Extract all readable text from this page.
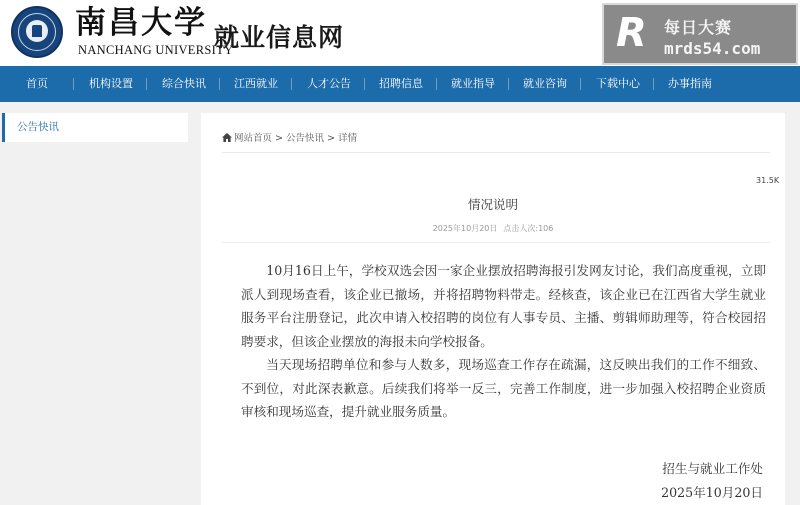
南昌大学
NANCHANG UNIVERSITY
就业信息网	R 每日大赛
mrds54.com
首页	机构设置	综合快讯	江西就业	人才公告	招聘信息	就业指导	就业咨询	下载中心	办事指南
公告快讯
网站首页 > 公告快讯 > 详情
31.5K
情况说明
2025年10月20日 点击人次:106

10月16日上午，学校双选会因一家企业摆放招聘海报引发网友讨论，我们高度重视，立即派人到现场查看，该企业已撤场，并将招聘物料带走。经核查，该企业已在江西省大学生就业服务平台注册登记，此次申请入校招聘的岗位有人事专员、主播、剪辑师助理等，符合校园招聘要求，但该企业摆放的海报未向学校报备。

当天现场招聘单位和参与人数多，现场巡查工作存在疏漏，这反映出我们的工作不细致、不到位，对此深表歉意。后续我们将举一反三，完善工作制度，进一步加强入校招聘企业资质审核和现场巡查，提升就业服务质量。

招生与就业工作处
2025年10月20日
